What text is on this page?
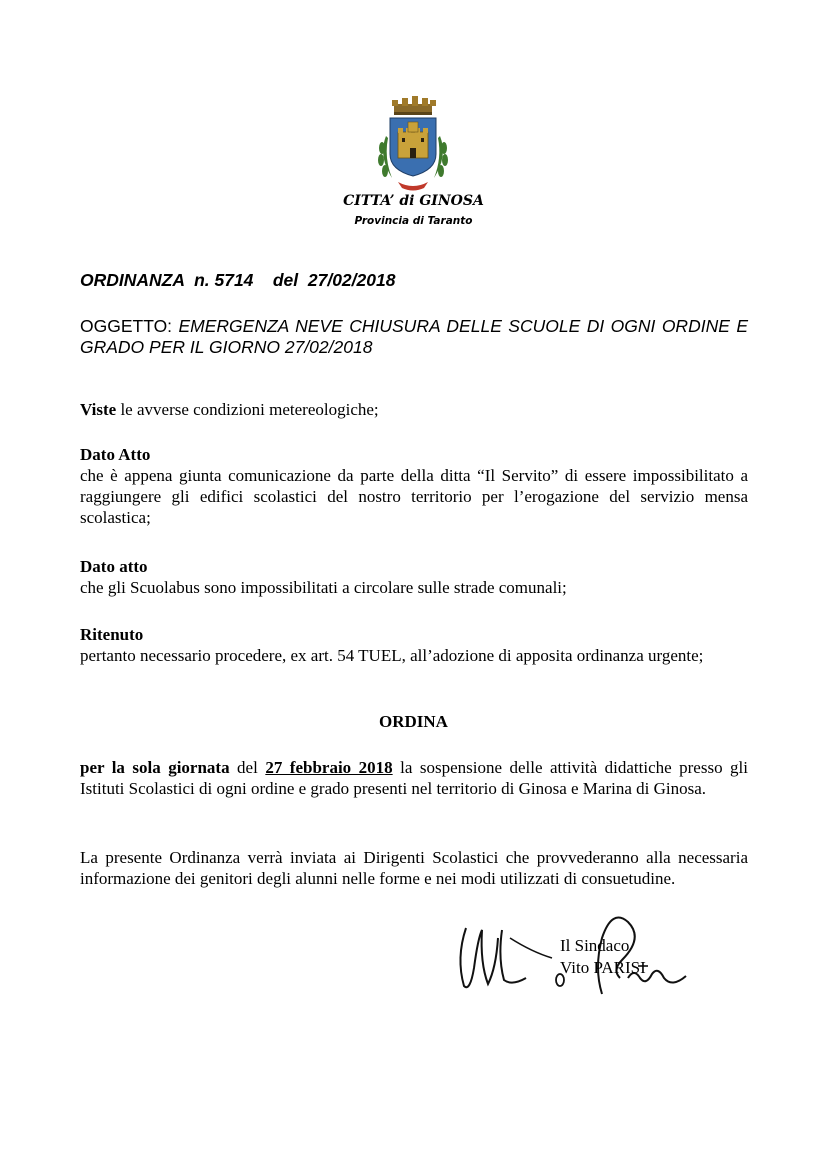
CITTA’ di GINOSA
Provincia di Taranto
ORDINANZA  n. 5714    del  27/02/2018
OGGETTO: EMERGENZA NEVE CHIUSURA DELLE SCUOLE DI OGNI ORDINE E GRADO PER IL GIORNO 27/02/2018
Viste le avverse condizioni metereologiche;
Dato Atto
che è appena giunta comunicazione da parte della ditta “Il Servito” di essere impossibilitato a raggiungere gli edifici scolastici del nostro territorio per l’erogazione del servizio mensa scolastica;
Dato atto
che gli Scuolabus sono impossibilitati a circolare sulle strade comunali;
Ritenuto
pertanto necessario procedere, ex art. 54 TUEL, all’adozione di apposita ordinanza urgente;
ORDINA
per la sola giornata del 27 febbraio 2018 la sospensione delle attività didattiche presso gli Istituti Scolastici di ogni ordine e grado presenti nel territorio di Ginosa e Marina di Ginosa.
La presente Ordinanza verrà inviata ai Dirigenti Scolastici che provvederanno alla necessaria informazione dei genitori degli alunni nelle forme e nei modi utilizzati di consuetudine.
Il Sindaco
Vito PARISI
